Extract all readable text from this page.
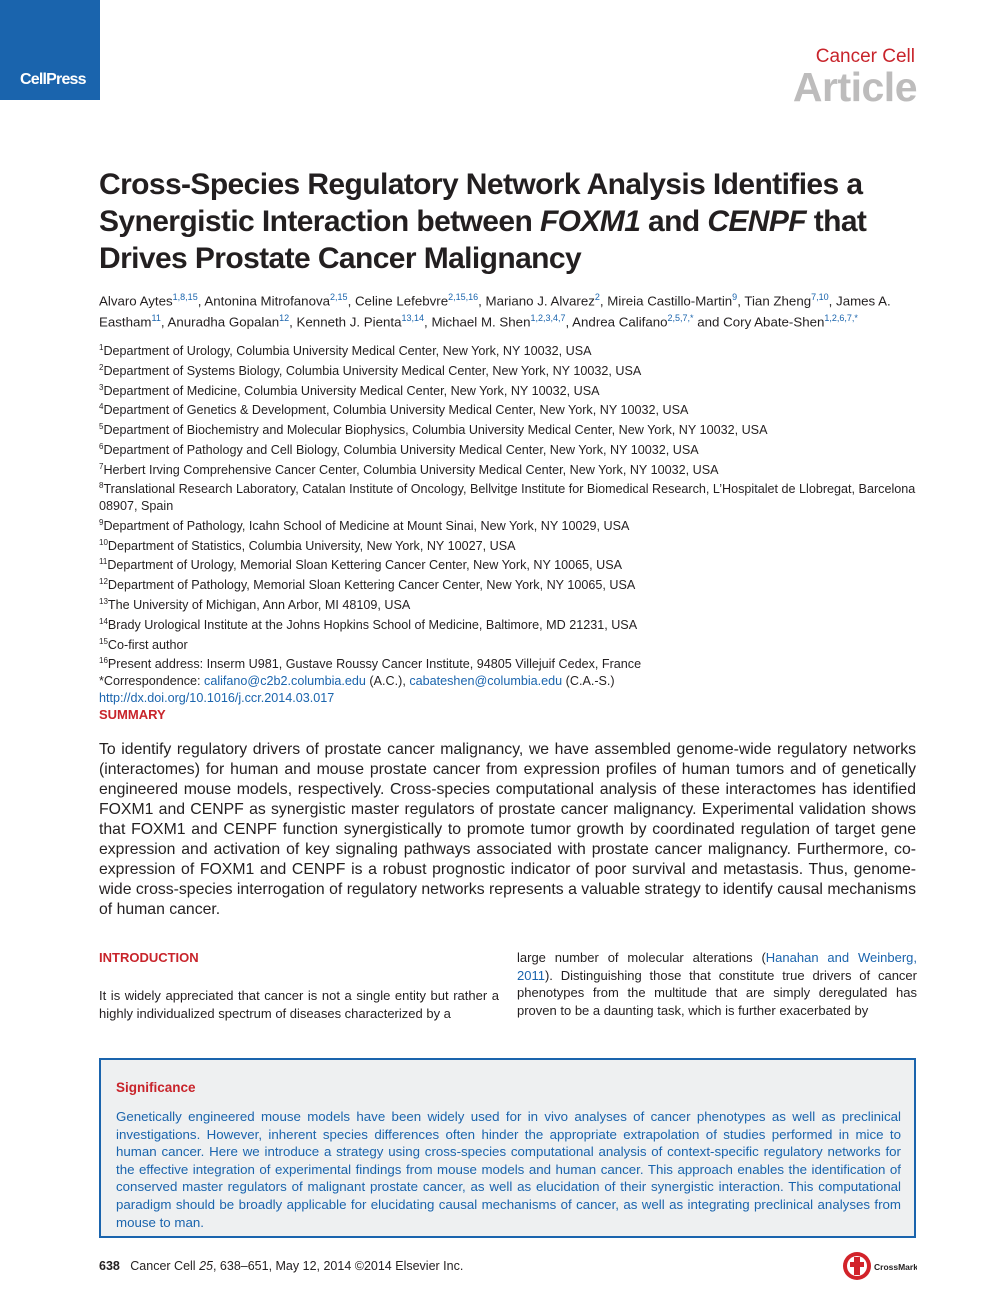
CellPress
Cancer Cell
Article
Cross-Species Regulatory Network Analysis Identifies a Synergistic Interaction between FOXM1 and CENPF that Drives Prostate Cancer Malignancy
Alvaro Aytes$^{1,8,15}$, Antonina Mitrofanova$^{2,15}$, Celine Lefebvre$^{2,15,16}$, Mariano J. Alvarez$^2$, Mireia Castillo-Martin$^9$, Tian Zheng$^{7,10}$, James A. Eastham$^{11}$, Anuradha Gopalan$^{12}$, Kenneth J. Pienta$^{13,14}$, Michael M. Shen$^{1,2,3,4,7}$, Andrea Califano$^{2,5,7,*}$ and Cory Abate-Shen$^{1,2,6,7,*}$
$^1$Department of Urology, Columbia University Medical Center, New York, NY 10032, USA
$^2$Department of Systems Biology, Columbia University Medical Center, New York, NY 10032, USA
$^3$Department of Medicine, Columbia University Medical Center, New York, NY 10032, USA
$^4$Department of Genetics & Development, Columbia University Medical Center, New York, NY 10032, USA
$^5$Department of Biochemistry and Molecular Biophysics, Columbia University Medical Center, New York, NY 10032, USA
$^6$Department of Pathology and Cell Biology, Columbia University Medical Center, New York, NY 10032, USA
$^7$Herbert Irving Comprehensive Cancer Center, Columbia University Medical Center, New York, NY 10032, USA
$^8$Translational Research Laboratory, Catalan Institute of Oncology, Bellvitge Institute for Biomedical Research, L’Hospitalet de Llobregat, Barcelona 08907, Spain
$^9$Department of Pathology, Icahn School of Medicine at Mount Sinai, New York, NY 10029, USA
$^{10}$Department of Statistics, Columbia University, New York, NY 10027, USA
$^{11}$Department of Urology, Memorial Sloan Kettering Cancer Center, New York, NY 10065, USA
$^{12}$Department of Pathology, Memorial Sloan Kettering Cancer Center, New York, NY 10065, USA
$^{13}$The University of Michigan, Ann Arbor, MI 48109, USA
$^{14}$Brady Urological Institute at the Johns Hopkins School of Medicine, Baltimore, MD 21231, USA
$^{15}$Co-first author
$^{16}$Present address: Inserm U981, Gustave Roussy Cancer Institute, 94805 Villejuif Cedex, France
*Correspondence: califano@c2b2.columbia.edu (A.C.), cabateshen@columbia.edu (C.A.-S.)
http://dx.doi.org/10.1016/j.ccr.2014.03.017
SUMMARY
To identify regulatory drivers of prostate cancer malignancy, we have assembled genome-wide regulatory networks (interactomes) for human and mouse prostate cancer from expression profiles of human tumors and of genetically engineered mouse models, respectively. Cross-species computational analysis of these interactomes has identified FOXM1 and CENPF as synergistic master regulators of prostate cancer malignancy. Experimental validation shows that FOXM1 and CENPF function synergistically to promote tumor growth by coordinated regulation of target gene expression and activation of key signaling pathways associated with prostate cancer malignancy. Furthermore, co-expression of FOXM1 and CENPF is a robust prognostic indicator of poor survival and metastasis. Thus, genome-wide cross-species interrogation of regulatory networks represents a valuable strategy to identify causal mechanisms of human cancer.
INTRODUCTION
It is widely appreciated that cancer is not a single entity but rather a highly individualized spectrum of diseases characterized by a
large number of molecular alterations (Hanahan and Weinberg, 2011). Distinguishing those that constitute true drivers of cancer phenotypes from the multitude that are simply deregulated has proven to be a daunting task, which is further exacerbated by
Significance
Genetically engineered mouse models have been widely used for in vivo analyses of cancer phenotypes as well as preclinical investigations. However, inherent species differences often hinder the appropriate extrapolation of studies performed in mice to human cancer. Here we introduce a strategy using cross-species computational analysis of context-specific regulatory networks for the effective integration of experimental findings from mouse models and human cancer. This approach enables the identification of conserved master regulators of malignant prostate cancer, as well as elucidation of their synergistic interaction. This computational paradigm should be broadly applicable for elucidating causal mechanisms of cancer, as well as integrating preclinical analyses from mouse to man.
638 Cancer Cell 25, 638–651, May 12, 2014 ©2014 Elsevier Inc.	CrossMark
